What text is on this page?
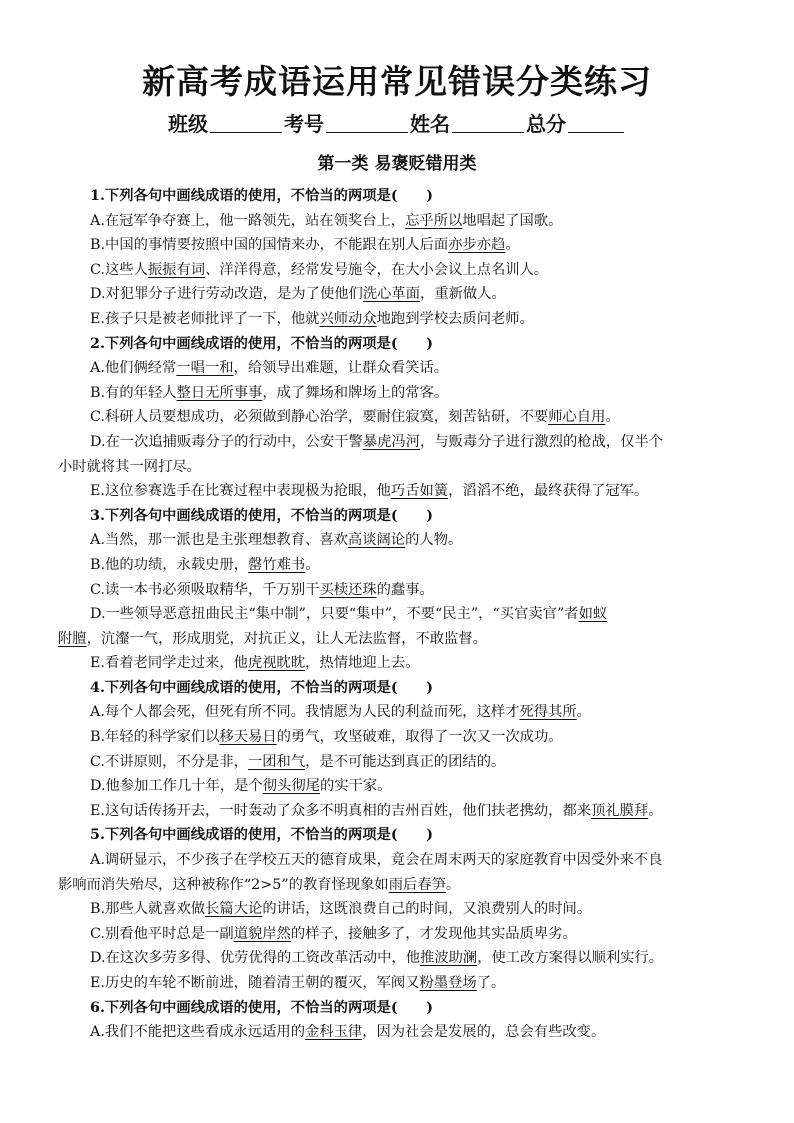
新高考成语运用常见错误分类练习
班级	考号	姓名	总分
第一类 易褒贬错用类
1.下列各句中画线成语的使用，不恰当的两项是(　　)
A.在冠军争夺赛上，他一路领先，站在领奖台上，忘乎所以地唱起了国歌。
B.中国的事情要按照中国的国情来办，不能跟在别人后面亦步亦趋。
C.这些人振振有词、洋洋得意，经常发号施令，在大小会议上点名训人。
D.对犯罪分子进行劳动改造，是为了使他们洗心革面，重新做人。
E.孩子只是被老师批评了一下，他就兴师动众地跑到学校去质问老师。
2.下列各句中画线成语的使用，不恰当的两项是(　　)
A.他们俩经常一唱一和，给领导出难题，让群众看笑话。
B.有的年轻人整日无所事事，成了舞场和牌场上的常客。
C.科研人员要想成功，必须做到静心治学，要耐住寂寞，刻苦钻研，不要师心自用。
D.在一次追捕贩毒分子的行动中，公安干警暴虎冯河，与贩毒分子进行激烈的枪战，仅半个
小时就将其一网打尽。
E.这位参赛选手在比赛过程中表现极为抢眼，他巧舌如簧，滔滔不绝，最终获得了冠军。
3.下列各句中画线成语的使用，不恰当的两项是(　　)
A.当然，那一派也是主张理想教育、喜欢高谈阔论的人物。
B.他的功绩，永载史册，罄竹难书。
C.读一本书必须吸取精华，千万别干买椟还珠的蠢事。
D.一些领导恶意扭曲民主“集中制”，只要“集中”，不要“民主”，“买官卖官”者如蚁
附膻，沆瀣一气，形成朋党，对抗正义，让人无法监督，不敢监督。
E.看着老同学走过来，他虎视眈眈，热情地迎上去。
4.下列各句中画线成语的使用，不恰当的两项是(　　)
A.每个人都会死，但死有所不同。我情愿为人民的利益而死，这样才死得其所。
B.年轻的科学家们以移天易日的勇气，攻坚破难，取得了一次又一次成功。
C.不讲原则，不分是非，一团和气，是不可能达到真正的团结的。
D.他参加工作几十年，是个彻头彻尾的实干家。
E.这句话传扬开去，一时轰动了众多不明真相的吉州百姓，他们扶老携幼，都来顶礼膜拜。
5.下列各句中画线成语的使用，不恰当的两项是(　　)
A.调研显示，不少孩子在学校五天的德育成果，竟会在周末两天的家庭教育中因受外来不良
影响而消失殆尽，这种被称作“2>5”的教育怪现象如雨后春笋。
B.那些人就喜欢做长篇大论的讲话，这既浪费自己的时间，又浪费别人的时间。
C.别看他平时总是一副道貌岸然的样子，接触多了，才发现他其实品质卑劣。
D.在这次多劳多得、优劳优得的工资改革活动中，他推波助澜，使工改方案得以顺利实行。
E.历史的车轮不断前进，随着清王朝的覆灭，军阀又粉墨登场了。
6.下列各句中画线成语的使用，不恰当的两项是(　　)
A.我们不能把这些看成永远适用的金科玉律，因为社会是发展的，总会有些改变。
